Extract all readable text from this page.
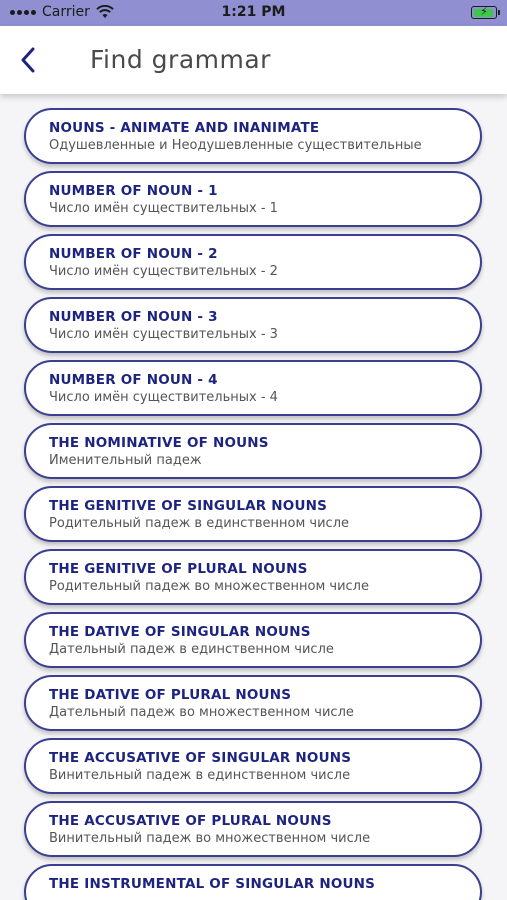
Carrier	1:21 PM	⚡
Find grammar
NOUNS - ANIMATE AND INANIMATE
Одушевленные и Неодушевленные существительные
NUMBER OF NOUN - 1
Число имён существительных - 1
NUMBER OF NOUN - 2
Число имён существительных - 2
NUMBER OF NOUN - 3
Число имён существительных - 3
NUMBER OF NOUN - 4
Число имён существительных - 4
THE NOMINATIVE OF NOUNS
Именительный падеж
THE GENITIVE OF SINGULAR NOUNS
Родительный падеж в единственном числе
THE GENITIVE OF PLURAL NOUNS
Родительный падеж во множественном числе
THE DATIVE OF SINGULAR NOUNS
Дательный падеж в единственном числе
THE DATIVE OF PLURAL NOUNS
Дательный падеж во множественном числе
THE ACCUSATIVE OF SINGULAR NOUNS
Винительный падеж в единственном числе
THE ACCUSATIVE OF PLURAL NOUNS
Винительный падеж во множественном числе
THE INSTRUMENTAL OF SINGULAR NOUNS
